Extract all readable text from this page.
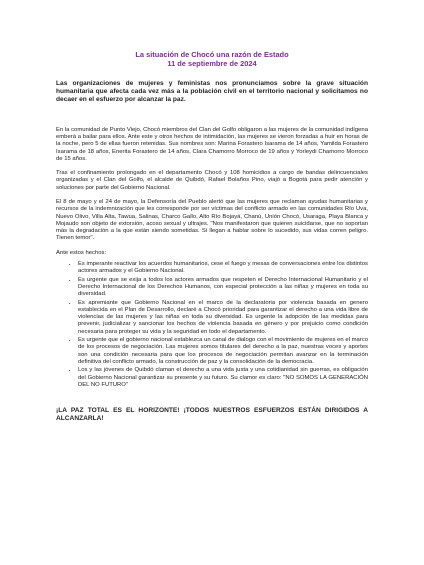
La situación de Chocó una razón de Estado
11 de septiembre de 2024
Las organizaciones de mujeres y feministas nos pronunciamos sobre la grave situación humanitaria que afecta cada vez más a la población civil en el territorio nacional y solicitamos no decaer en el esfuerzo por alcanzar la paz.
En la comunidad de Punto Viejo, Chocó miembros del Clan del Golfo obligaron a las mujeres de la comunidad indígena emberá a bailar para ellos. Ante este y otros hechos de intimidación, las mujeres se vieron forzadas a huir en horas de la noche, pero 5 de ellas fueron retenidas. Sus nombres son: Marina Forastero Isarama de 14 años, Yamilda Forastero Isarama de 18 años, Enerita Forastero de 14 años, Clara Chamorro Morroco de 19 años y Yorleydi Chamorro Morroco de 15 años.
Tras el confinamiento prolongado en el departamento Chocó y 108 homicidios a cargo de bandas delincuenciales organizadas y el Clan del Golfo, el alcalde de Quibdó, Rafael Bolaños Pino, viajó a Bogotá para pedir atención y soluciones por parte del Gobierno Nacional.
El 8 de mayo y el 24 de mayo, la Defensoría del Pueblo alertó que las mujeres que reclaman ayudas humanitarias y recursos de la indemnización que les corresponde por ser víctimas del conflicto armado en las comunidades Río Uva, Nuevo Olivo, Villa Alta, Tawua, Salinas, Charco Gallo, Alto Río Bojayá, Chanú, Unión Chocó, Usaraga, Playa Blanca y Mojaudo son objeto de extorsión, acoso sexual y ultrajes. "Nos manifestaron que quieren suicidarse, que no soportan más la degradación a la que están siendo sometidas. Si llegan a hablar sobre lo sucedido, sus vidas corren peligro. Tienen temor".
Ante estos hechos:
• Es imperante reactivar los acuerdos humanitarios, cese el fuego y mesas de conversaciones entre los distintos actores armados y el Gobierno Nacional.
• Es urgente que se exija a todos los actores armados que respeten el Derecho Internacional Humanitario y el Derecho Internacional de los Derechos Humanos, con especial protección a las niñas y mujeres en toda su diversidad.
• Es apremiante que Gobierno Nacional en el marco de la declaratoria por violencia basada en genero establecida en el Plan de Desarrollo, declaré a Chocó prioridad para garantizar el derecho a una vida libre de violencias de las mujeres y las niñas en toda su diversidad. Es urgente la adopción de las medidas para prevenir, judicializar y sancionar los hechos de violencia basada en género y por prejuicio como condición necesaria para proteger su vida y la seguridad en todo el departamento.
• Es urgente que el gobierno nacional establezca un canal de dialogo con el movimiento de mujeres en el marco de los procesos de negociación. Las mujeres somos titulares del derecho a la paz, nuestras voces y aportes son una condición necesaria para que los procesos de negociación permitan avanzar en la terminación definitiva del conflicto armado, la construcción de paz y la consolidación de la democracia.
• Los y las jóvenes de Quibdó claman el derecho a una vida justa y una cotidianidad sin guerras, es obligación del Gobierno Nacional garantizar su presente y su futuro. Su clamor es claro: "NO SOMOS LA GENERACIÓN DEL NO FUTURO"
¡LA PAZ TOTAL ES EL HORIZONTE! ¡TODOS NUESTROS ESFUERZOS ESTÁN DIRIGIDOS A ALCANZARLA!
